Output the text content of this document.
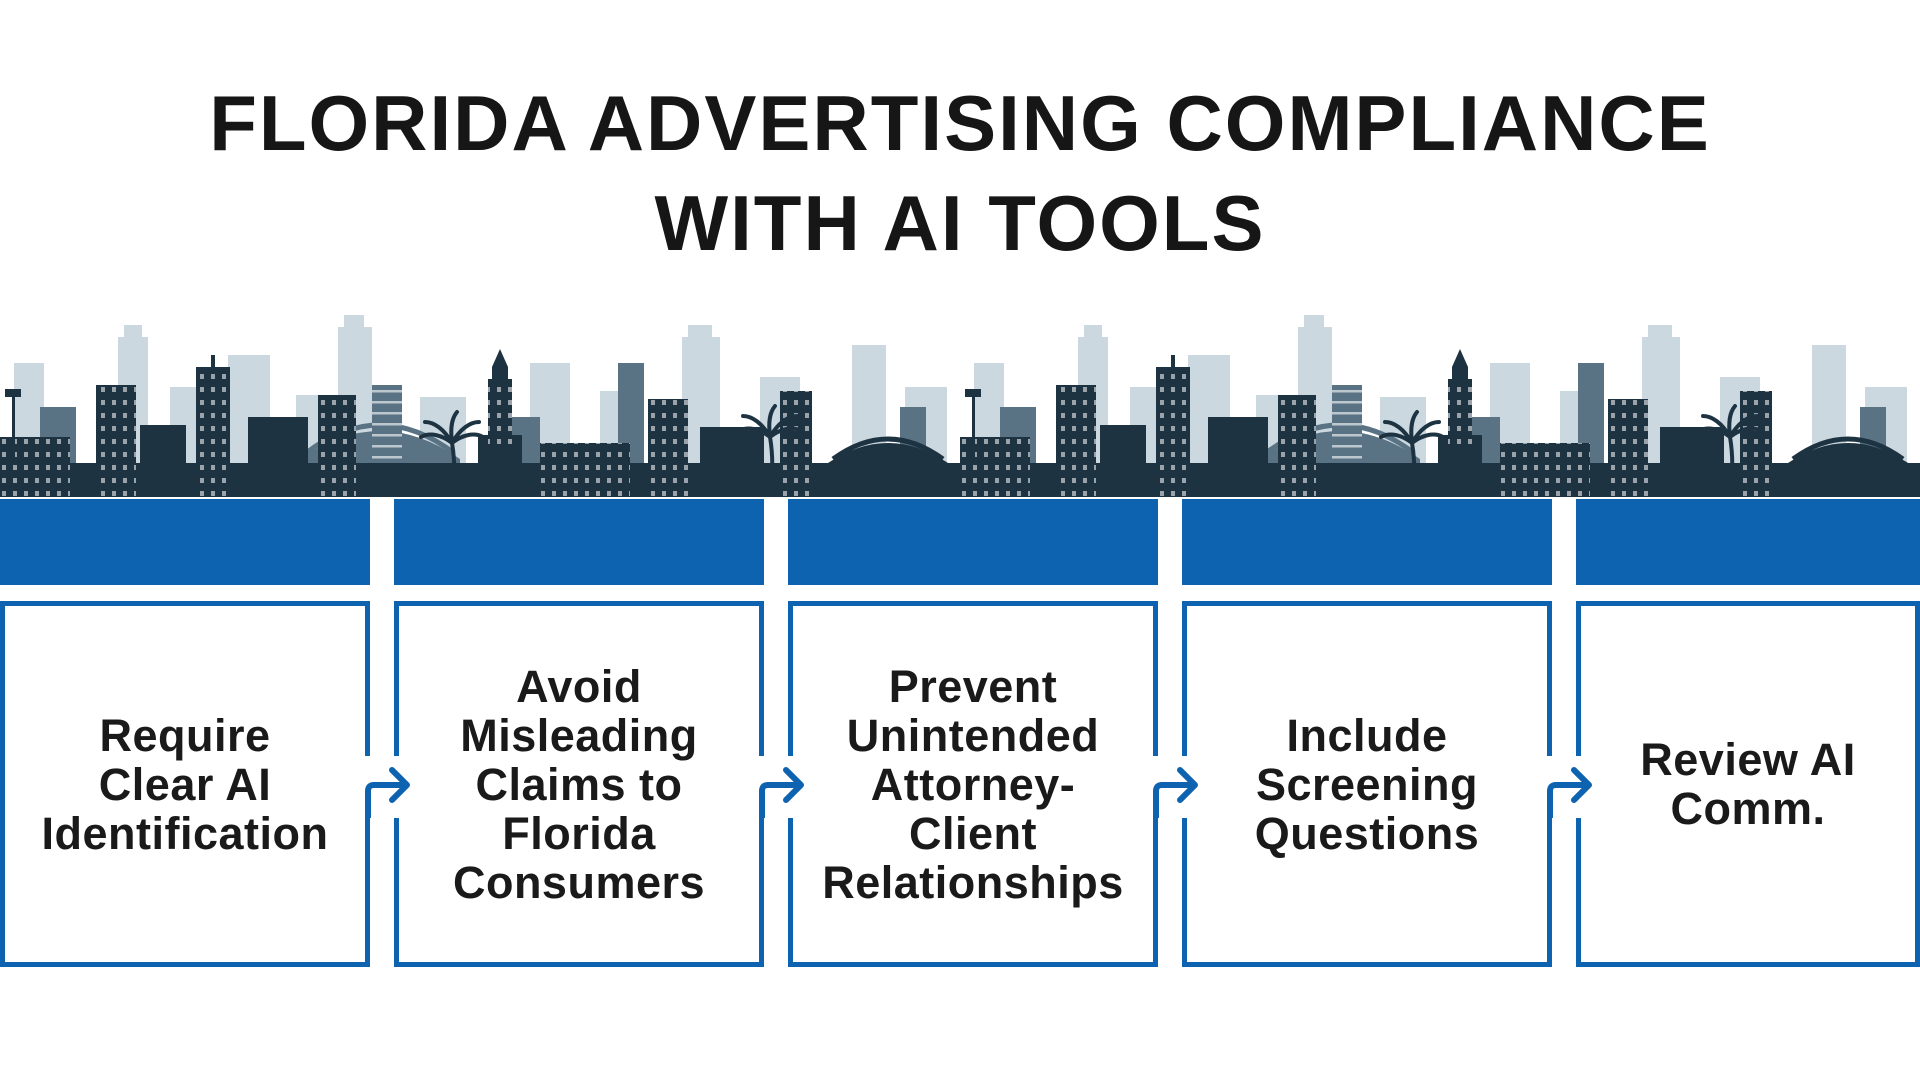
FLORIDA ADVERTISING COMPLIANCE
WITH AI TOOLS
Require
Clear AI
Identification
Avoid
Misleading
Claims to
Florida
Consumers
Prevent
Unintended
Attorney-
Client
Relationships
Include
Screening
Questions
Review AI
Comm.
